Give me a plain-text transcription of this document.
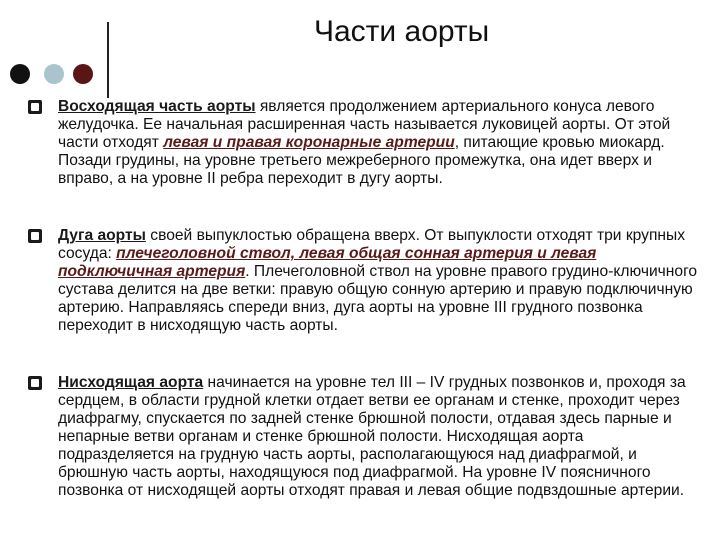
Части аорты
Восходящая часть аорты является продолжением артериального конуса левого желудочка. Ее начальная расширенная часть называется луковицей аорты. От этой части отходят левая и правая коронарные артерии, питающие кровью миокард. Позади грудины, на уровне третьего межреберного промежутка, она идет вверх и вправо, а на уровне II ребра переходит в дугу аорты.
Дуга аорты своей выпуклостью обращена вверх. От выпуклости отходят три крупных сосуда: плечеголовной ствол, левая общая сонная артерия и левая подключичная артерия. Плечеголовной ствол на уровне правого грудино-ключичного сустава делится на две ветки: правую общую сонную артерию и правую подключичную артерию. Направляясь спереди вниз, дуга аорты на уровне III грудного позвонка переходит в нисходящую часть аорты.
Нисходящая аорта начинается на уровне тел III – IV грудных позвонков и, проходя за сердцем, в области грудной клетки отдает ветви ее органам и стенке, проходит через диафрагму, спускается по задней стенке брюшной полости, отдавая здесь парные и непарные ветви органам и стенке брюшной полости. Нисходящая аорта подразделяется на грудную часть аорты, располагающуюся над диафрагмой, и брюшную часть аорты, находящуюся под диафрагмой. На уровне IV поясничного позвонка от нисходящей аорты отходят правая и левая общие подвздошные артерии.
